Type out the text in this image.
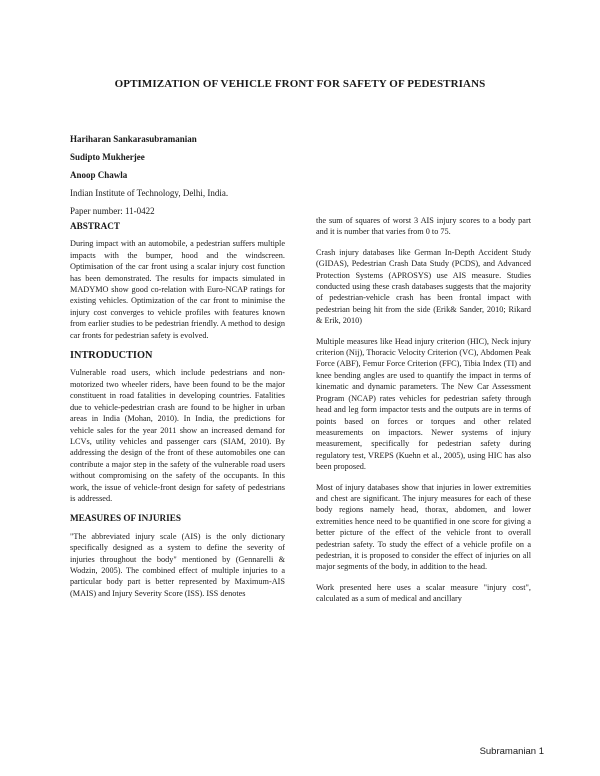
OPTIMIZATION OF VEHICLE FRONT FOR SAFETY OF PEDESTRIANS
Hariharan Sankarasubramanian
Sudipto Mukherjee
Anoop Chawla
Indian Institute of Technology, Delhi, India.
Paper number: 11-0422
ABSTRACT

During impact with an automobile, a pedestrian suffers multiple impacts with the bumper, hood and the windscreen. Optimisation of the car front using a scalar injury cost function has been demonstrated. The results for impacts simulated in MADYMO show good co-relation with Euro-NCAP ratings for existing vehicles. Optimization of the car front to minimise the injury cost converges to vehicle profiles with features known from earlier studies to be pedestrian friendly. A method to design car fronts for pedestrian safety is evolved.

INTRODUCTION

Vulnerable road users, which include pedestrians and non-motorized two wheeler riders, have been found to be the major constituent in road fatalities in developing countries. Fatalities due to vehicle-pedestrian crash are found to be higher in urban areas in India (Mohan, 2010). In India, the predictions for vehicle sales for the year 2011 show an increased demand for LCVs, utility vehicles and passenger cars (SIAM, 2010). By addressing the design of the front of these automobiles one can contribute a major step in the safety of the vulnerable road users without compromising on the safety of the occupants. In this work, the issue of vehicle-front design for safety of pedestrians is addressed.

MEASURES OF INJURIES

"The abbreviated injury scale (AIS) is the only dictionary specifically designed as a system to define the severity of injuries throughout the body" mentioned by (Gennarelli & Wodzin, 2005). The combined effect of multiple injuries to a particular body part is better represented by Maximum-AIS (MAIS) and Injury Severity Score (ISS). ISS denotes

the sum of squares of worst 3 AIS injury scores to a body part and it is number that varies from 0 to 75.

Crash injury databases like German In-Depth Accident Study (GIDAS), Pedestrian Crash Data Study (PCDS), and Advanced Protection Systems (APROSYS) use AIS measure. Studies conducted using these crash databases suggests that the majority of pedestrian-vehicle crash has been frontal impact with pedestrian being hit from the side (Erik& Sander, 2010; Rikard & Erik, 2010)

Multiple measures like Head injury criterion (HIC), Neck injury criterion (Nij), Thoracic Velocity Criterion (VC), Abdomen Peak Force (ABF), Femur Force Criterion (FFC), Tibia Index (TI) and knee bending angles are used to quantify the impact in terms of kinematic and dynamic parameters. The New Car Assessment Program (NCAP) rates vehicles for pedestrian safety through head and leg form impactor tests and the outputs are in terms of points based on forces or torques and other related measurements on impactors. Newer systems of injury measurement, specifically for pedestrian safety during regulatory test, VREPS (Kuehn et al., 2005), using HIC has also been proposed.

Most of injury databases show that injuries in lower extremities and chest are significant. The injury measures for each of these body regions namely head, thorax, abdomen, and lower extremities hence need to be quantified in one score for giving a better picture of the effect of the vehicle front to overall pedestrian safety. To study the effect of a vehicle profile on a pedestrian, it is proposed to consider the effect of injuries on all major segments of the body, in addition to the head.

Work presented here uses a scalar measure "injury cost", calculated as a sum of medical and ancillary

Subramanian 1
